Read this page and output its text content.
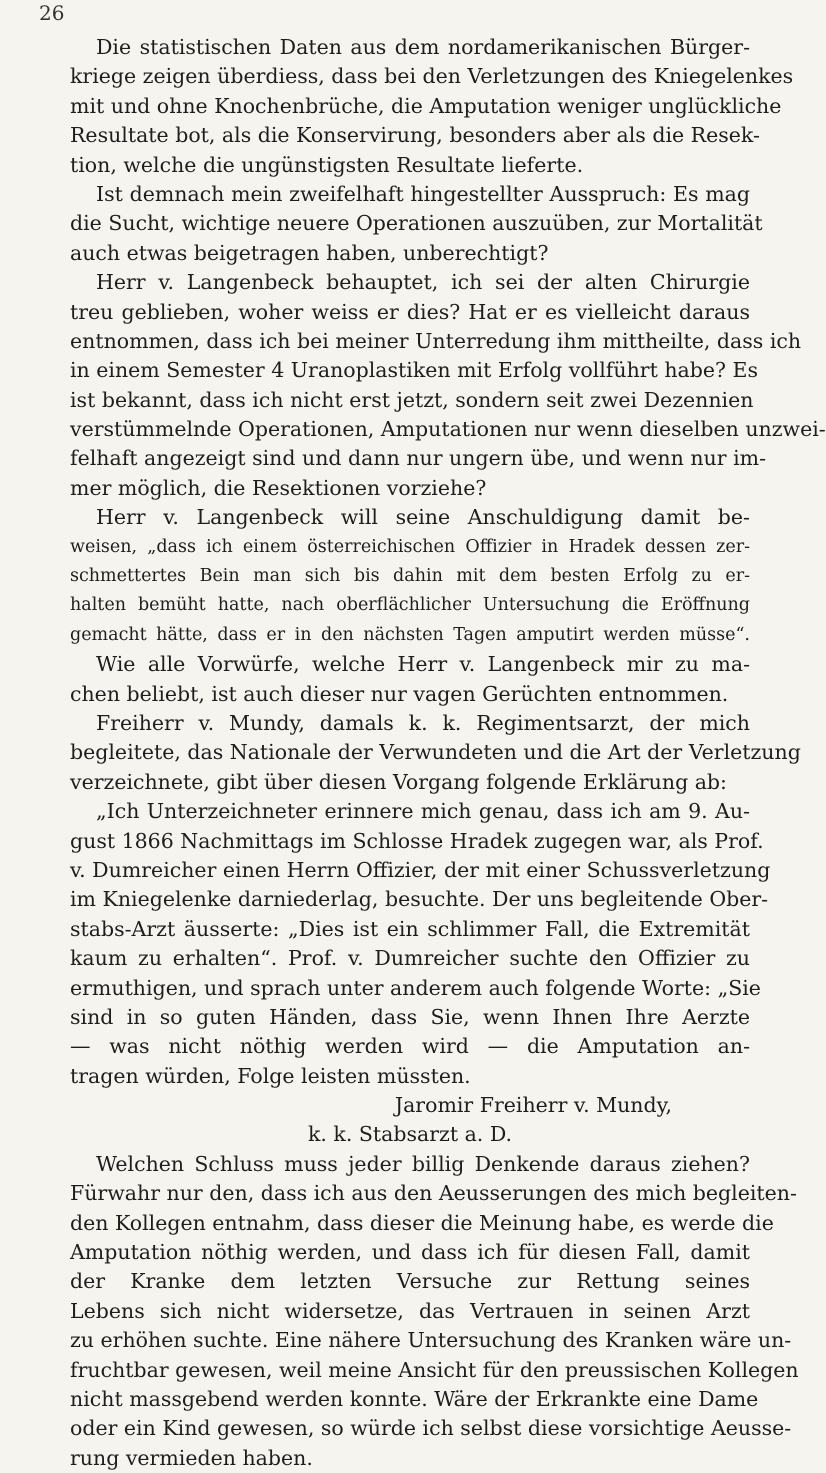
26
Die statistischen Daten aus dem nordamerikanischen Bürger-
kriege zeigen überdiess, dass bei den Verletzungen des Kniegelenkes
mit und ohne Knochenbrüche, die Amputation weniger unglückliche
Resultate bot, als die Konservirung, besonders aber als die Resek-
tion, welche die ungünstigsten Resultate lieferte.
Ist demnach mein zweifelhaft hingestellter Ausspruch: Es mag
die Sucht, wichtige neuere Operationen auszuüben, zur Mortalität
auch etwas beigetragen haben, unberechtigt?
Herr v. Langenbeck behauptet, ich sei der alten Chirurgie
treu geblieben, woher weiss er dies? Hat er es vielleicht daraus
entnommen, dass ich bei meiner Unterredung ihm mittheilte, dass ich
in einem Semester 4 Uranoplastiken mit Erfolg vollführt habe? Es
ist bekannt, dass ich nicht erst jetzt, sondern seit zwei Dezennien
verstümmelnde Operationen, Amputationen nur wenn dieselben unzwei-
felhaft angezeigt sind und dann nur ungern übe, und wenn nur im-
mer möglich, die Resektionen vorziehe?
Herr v. Langenbeck will seine Anschuldigung damit be-
weisen, „dass ich einem österreichischen Offizier in Hradek dessen zer-
schmettertes Bein man sich bis dahin mit dem besten Erfolg zu er-
halten bemüht hatte, nach oberflächlicher Untersuchung die Eröffnung
gemacht hätte, dass er in den nächsten Tagen amputirt werden müsse“.
Wie alle Vorwürfe, welche Herr v. Langenbeck mir zu ma-
chen beliebt, ist auch dieser nur vagen Gerüchten entnommen.
Freiherr v. Mundy, damals k. k. Regimentsarzt, der mich
begleitete, das Nationale der Verwundeten und die Art der Verletzung
verzeichnete, gibt über diesen Vorgang folgende Erklärung ab:
„Ich Unterzeichneter erinnere mich genau, dass ich am 9. Au-
gust 1866 Nachmittags im Schlosse Hradek zugegen war, als Prof.
v. Dumreicher einen Herrn Offizier, der mit einer Schussverletzung
im Kniegelenke darniederlag, besuchte. Der uns begleitende Ober-
stabs-Arzt äusserte: „Dies ist ein schlimmer Fall, die Extremität
kaum zu erhalten“. Prof. v. Dumreicher suchte den Offizier zu
ermuthigen, und sprach unter anderem auch folgende Worte: „Sie
sind in so guten Händen, dass Sie, wenn Ihnen Ihre Aerzte
— was nicht nöthig werden wird — die Amputation an-
tragen würden, Folge leisten müssten.
Jaromir Freiherr v. Mundy,
k. k. Stabsarzt a. D.
Welchen Schluss muss jeder billig Denkende daraus ziehen?
Fürwahr nur den, dass ich aus den Aeusserungen des mich begleiten-
den Kollegen entnahm, dass dieser die Meinung habe, es werde die
Amputation nöthig werden, und dass ich für diesen Fall, damit
der Kranke dem letzten Versuche zur Rettung seines
Lebens sich nicht widersetze, das Vertrauen in seinen Arzt
zu erhöhen suchte. Eine nähere Untersuchung des Kranken wäre un-
fruchtbar gewesen, weil meine Ansicht für den preussischen Kollegen
nicht massgebend werden konnte. Wäre der Erkrankte eine Dame
oder ein Kind gewesen, so würde ich selbst diese vorsichtige Aeusse-
rung vermieden haben.
